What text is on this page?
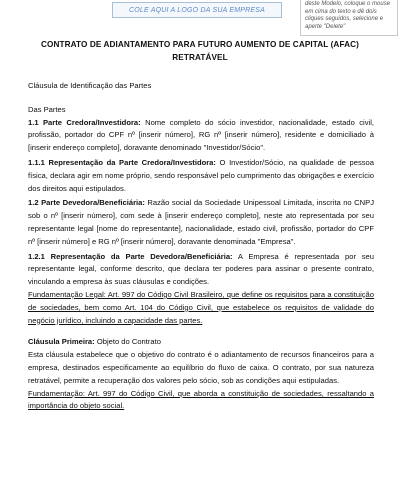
COLE AQUI A LOGO DA SUA EMPRESA
deste Modelo, coloque o mouse em cima do texto e dê dois cliques seguidos, selecione e aperte "Delete"
CONTRATO DE ADIANTAMENTO PARA FUTURO AUMENTO DE CAPITAL (AFAC)
RETRATÁVEL

Cláusula de Identificação das Partes

Das Partes

1.1 Parte Credora/Investidora: Nome completo do sócio investidor, nacionalidade, estado civil, profissão, portador do CPF nº [inserir número], RG nº [inserir número], residente e domiciliado à [inserir endereço completo], doravante denominado "Investidor/Sócio".

1.1.1 Representação da Parte Credora/Investidora: O Investidor/Sócio, na qualidade de pessoa física, declara agir em nome próprio, sendo responsável pelo cumprimento das obrigações e exercício dos direitos aqui estipulados.

1.2 Parte Devedora/Beneficiária: Razão social da Sociedade Unipessoal Limitada, inscrita no CNPJ sob o nº [inserir número], com sede à [inserir endereço completo], neste ato representada por seu representante legal [nome do representante], nacionalidade, estado civil, profissão, portador do CPF nº [inserir número] e RG nº [inserir número], doravante denominada "Empresa".

1.2.1 Representação da Parte Devedora/Beneficiária: A Empresa é representada por seu representante legal, conforme descrito, que declara ter poderes para assinar o presente contrato, vinculando a empresa às suas cláusulas e condições.

Fundamentação Legal: Art. 997 do Código Civil Brasileiro, que define os requisitos para a constituição de sociedades, bem como Art. 104 do Código Civil, que estabelece os requisitos de validade do negócio jurídico, incluindo a capacidade das partes.

Cláusula Primeira: Objeto do Contrato

Esta cláusula estabelece que o objetivo do contrato é o adiantamento de recursos financeiros para a empresa, destinados especificamente ao equilíbrio do fluxo de caixa. O contrato, por sua natureza retratável, permite a recuperação dos valores pelo sócio, sob as condições aqui estipuladas.

Fundamentação: Art. 997 do Código Civil, que aborda a constituição de sociedades, ressaltando a importância do objeto social.
